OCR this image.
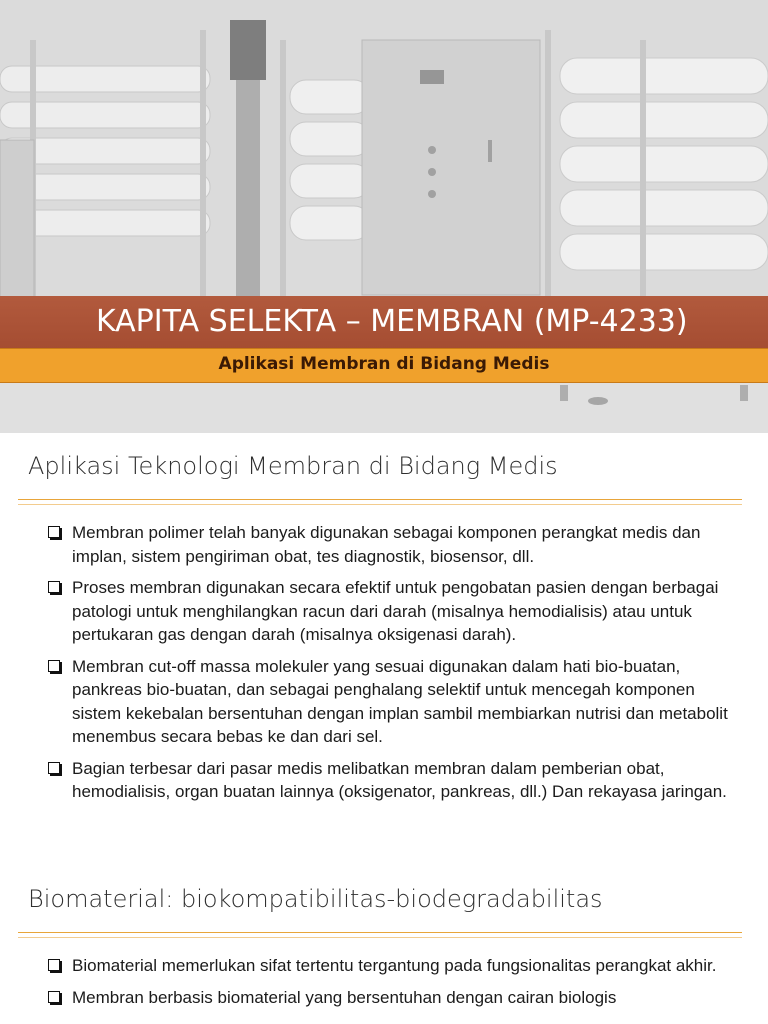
KAPITA SELEKTA – MEMBRAN (MP-4233)
Aplikasi Membran di Bidang Medis
Aplikasi Teknologi Membran di Bidang Medis
Membran polimer telah banyak digunakan sebagai komponen perangkat medis dan implan, sistem pengiriman obat, tes diagnostik, biosensor, dll.
Proses membran digunakan secara efektif untuk pengobatan pasien dengan berbagai patologi untuk menghilangkan racun dari darah (misalnya hemodialisis) atau untuk pertukaran gas dengan darah (misalnya oksigenasi darah).
Membran cut-off massa molekuler yang sesuai digunakan dalam hati bio-buatan, pankreas bio-buatan, dan sebagai penghalang selektif untuk mencegah komponen sistem kekebalan bersentuhan dengan implan sambil membiarkan nutrisi dan metabolit menembus secara bebas ke dan dari sel.
Bagian terbesar dari pasar medis melibatkan membran dalam pemberian obat, hemodialisis, organ buatan lainnya (oksigenator, pankreas, dll.) Dan rekayasa jaringan.
Biomaterial: biokompatibilitas-biodegradabilitas
Biomaterial memerlukan sifat tertentu tergantung pada fungsionalitas perangkat akhir.
Membran berbasis biomaterial yang bersentuhan dengan cairan biologis
